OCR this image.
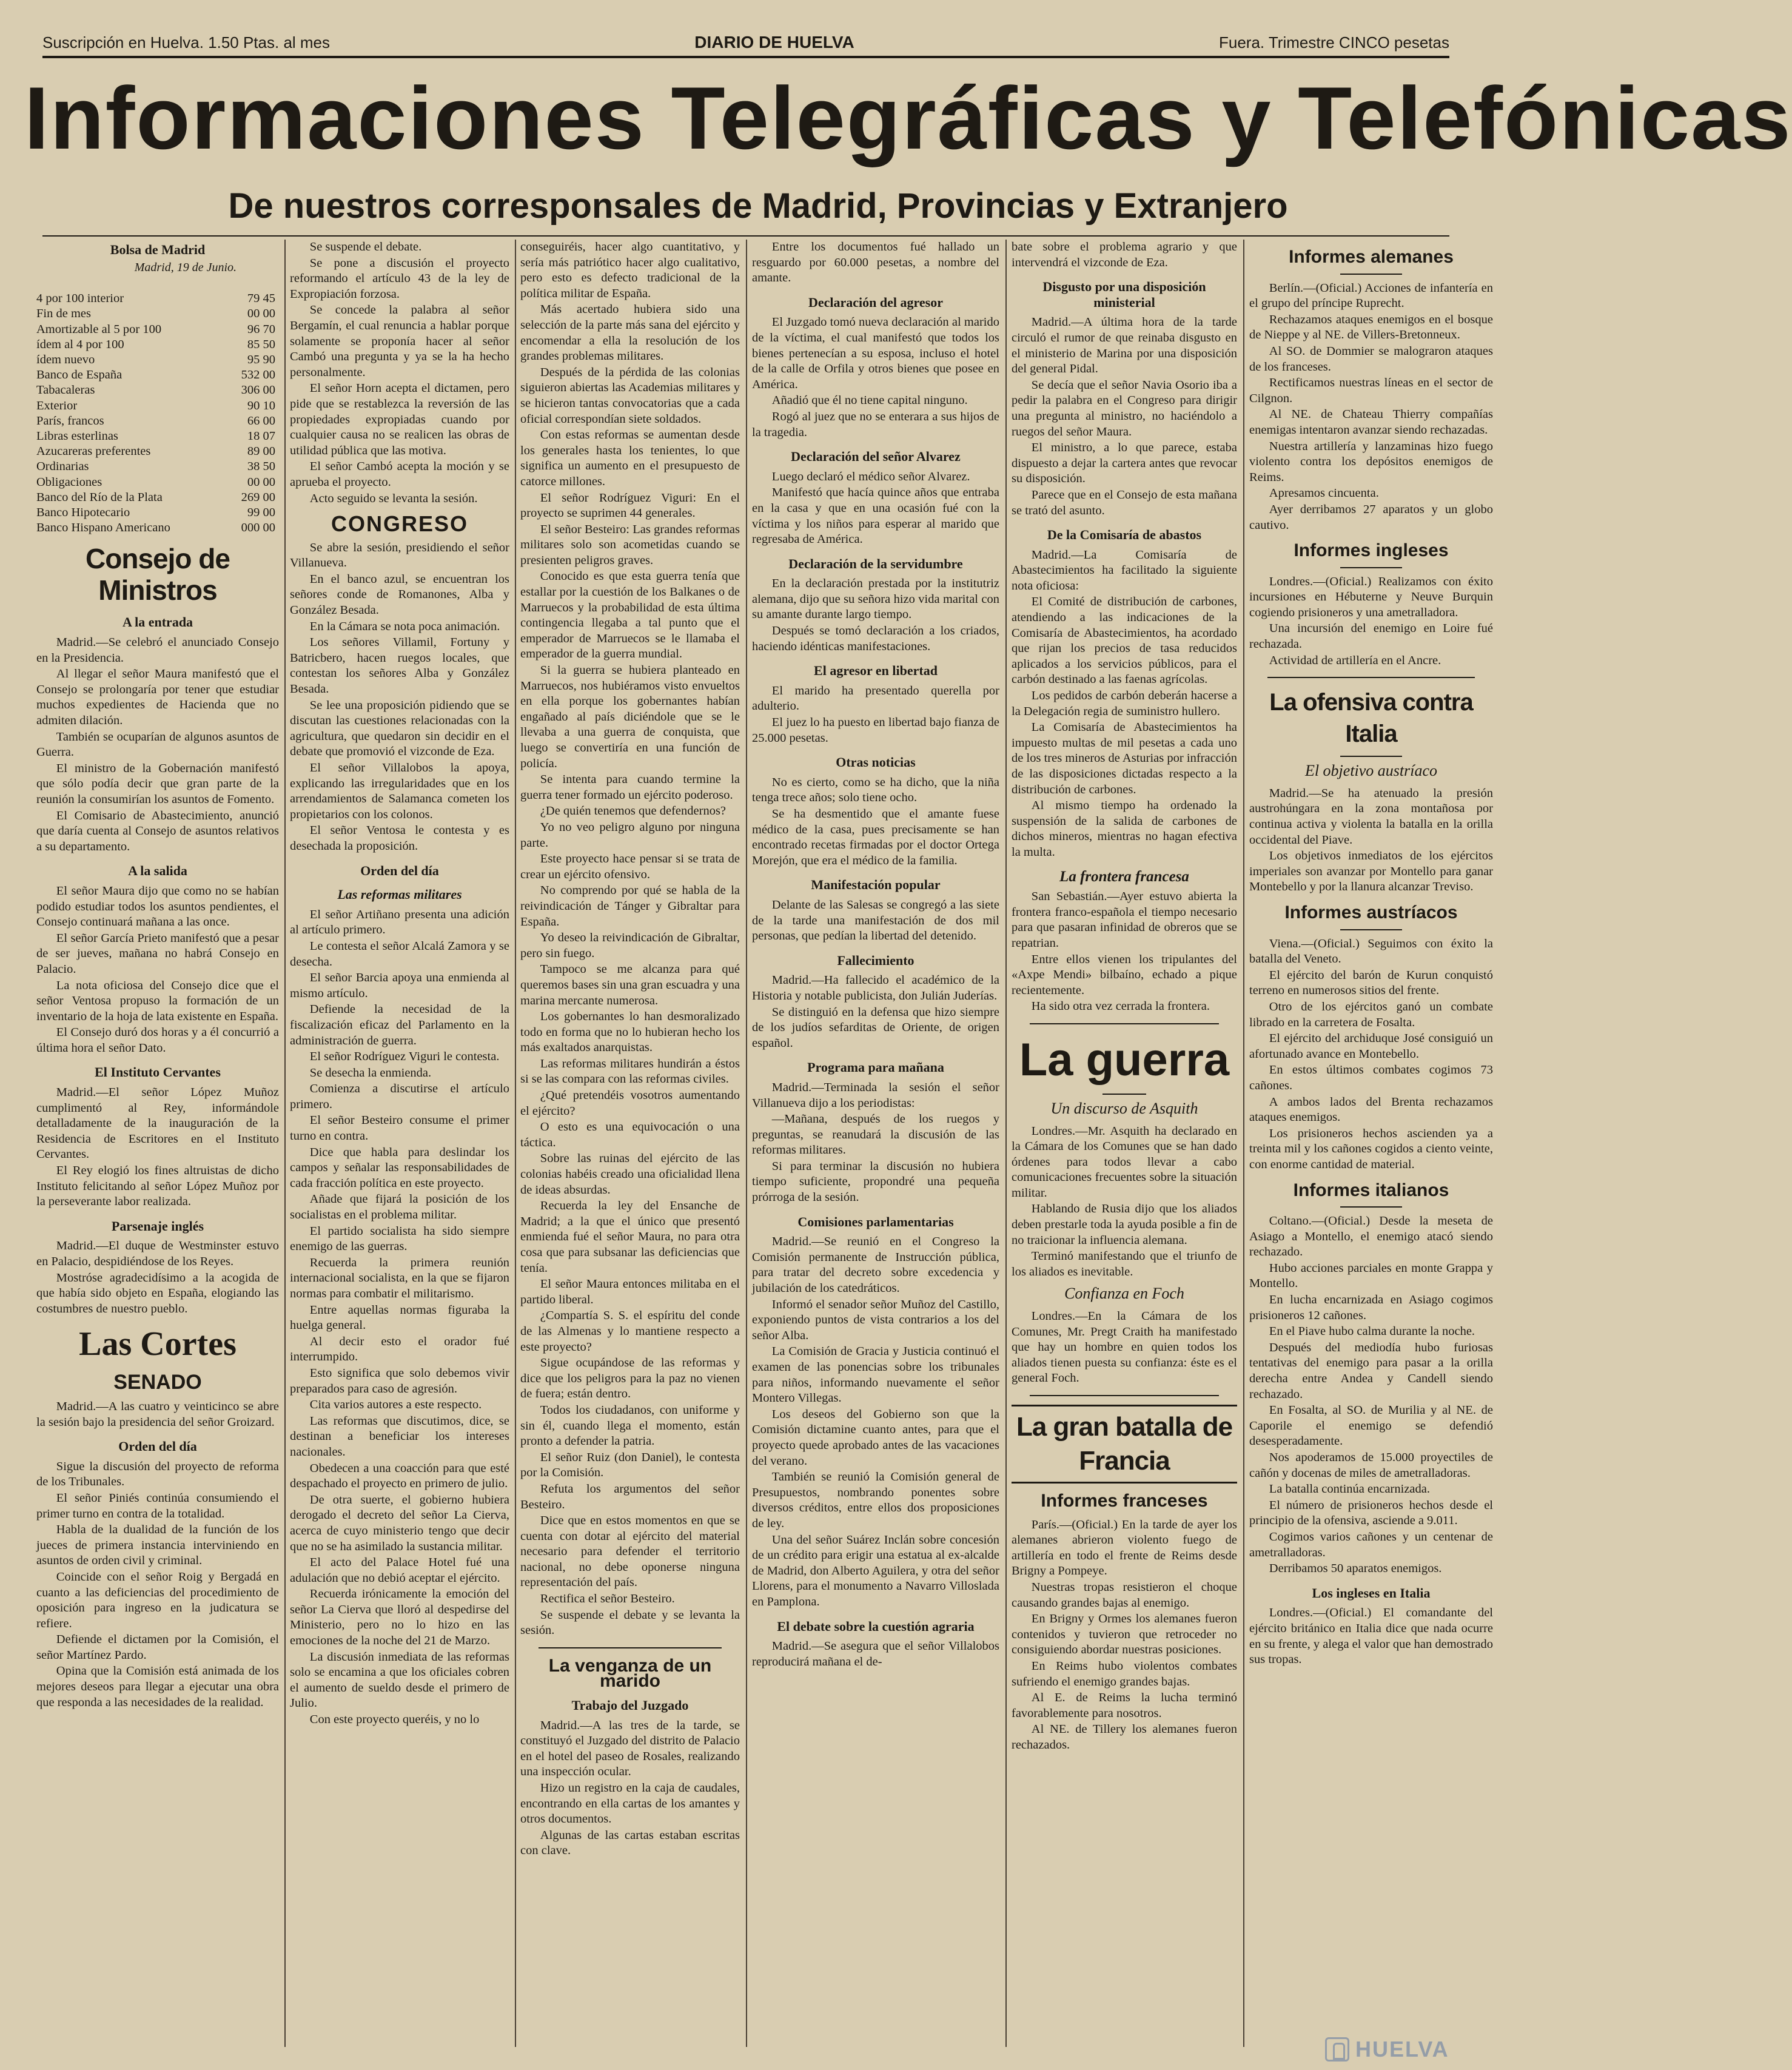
Suscripción en Huelva. 1.50 Ptas. al mes	DIARIO DE HUELVA	Fuera. Trimestre CINCO pesetas
Informaciones Telegráficas y Telefónicas
De nuestros corresponsales de Madrid, Provincias y Extranjero
Bolsa de Madrid
Madrid, 19 de Junio.
4 por 100 interior	79 45
Fin de mes	00 00
Amortizable al 5 por 100	96 70
ídem al 4 por 100	85 50
ídem nuevo	95 90
Banco de España	532 00
Tabacaleras	306 00
Exterior	90 10
París, francos	66 00
Libras esterlinas	18 07
Azucareras preferentes	89 00
Ordinarias	38 50
Obligaciones	00 00
Banco del Río de la Plata	269 00
Banco Hipotecario	99 00
Banco Hispano Americano	000 00
Consejo de Ministros
A la entrada

Madrid.—Se celebró el anunciado Consejo en la Presidencia.

Al llegar el señor Maura manifestó que el Consejo se prolongaría por tener que estudiar muchos expedientes de Hacienda que no admiten dilación.

También se ocuparían de algunos asuntos de Guerra.

El ministro de la Gobernación manifestó que sólo podía decir que gran parte de la reunión la consumirían los asuntos de Fomento.

El Comisario de Abastecimiento, anunció que daría cuenta al Consejo de asuntos relativos a su departamento.

A la salida

El señor Maura dijo que como no se habían podido estudiar todos los asuntos pendientes, el Consejo continuará mañana a las once.

El señor García Prieto manifestó que a pesar de ser jueves, mañana no habrá Consejo en Palacio.

La nota oficiosa del Consejo dice que el señor Ventosa propuso la formación de un inventario de la hoja de lata existente en España.

El Consejo duró dos horas y a él concurrió a última hora el señor Dato.

El Instituto Cervantes

Madrid.—El señor López Muñoz cumplimentó al Rey, informándole detalladamente de la inauguración de la Residencia de Escritores en el Instituto Cervantes.

El Rey elogió los fines altruistas de dicho Instituto felicitando al señor López Muñoz por la perseverante labor realizada.

Parsenaje inglés

Madrid.—El duque de Westminster estuvo en Palacio, despidiéndose de los Reyes.

Mostróse agradecidísimo a la acogida de que había sido objeto en España, elogiando las costumbres de nuestro pueblo.

Las Cortes
SENADO

Madrid.—A las cuatro y veinticinco se abre la sesión bajo la presidencia del señor Groizard.

Orden del día

Sigue la discusión del proyecto de reforma de los Tribunales.

El señor Piniés continúa consumiendo el primer turno en contra de la totalidad.

Habla de la dualidad de la función de los jueces de primera instancia interviniendo en asuntos de orden civil y criminal.

Coincide con el señor Roig y Bergadá en cuanto a las deficiencias del procedimiento de oposición para ingreso en la judicatura se refiere.

Defiende el dictamen por la Comisión, el señor Martínez Pardo.

Opina que la Comisión está animada de los mejores deseos para llegar a ejecutar una obra que responda a las necesidades de la realidad.

Se suspende el debate.

Se pone a discusión el proyecto reformando el artículo 43 de la ley de Expropiación forzosa.

Se concede la palabra al señor Bergamín, el cual renuncia a hablar porque solamente se proponía hacer al señor Cambó una pregunta y ya se la ha hecho personalmente.

El señor Horn acepta el dictamen, pero pide que se restablezca la reversión de las propiedades expropiadas cuando por cualquier causa no se realicen las obras de utilidad pública que las motiva.

El señor Cambó acepta la moción y se aprueba el proyecto.

Acto seguido se levanta la sesión.

CONGRESO

Se abre la sesión, presidiendo el señor Villanueva.

En el banco azul, se encuentran los señores conde de Romanones, Alba y González Besada.

En la Cámara se nota poca animación.

Los señores Villamil, Fortuny y Batricbero, hacen ruegos locales, que contestan los señores Alba y González Besada.

Se lee una proposición pidiendo que se discutan las cuestiones relacionadas con la agricultura, que quedaron sin decidir en el debate que promovió el vizconde de Eza.

El señor Villalobos la apoya, explicando las irregularidades que en los arrendamientos de Salamanca cometen los propietarios con los colonos.

El señor Ventosa le contesta y es desechada la proposición.

Orden del día
Las reformas militares

El señor Artiñano presenta una adición al artículo primero.

Le contesta el señor Alcalá Zamora y se desecha.

El señor Barcia apoya una enmienda al mismo artículo.

Defiende la necesidad de la fiscalización eficaz del Parlamento en la administración de guerra.

El señor Rodríguez Viguri le contesta.

Se desecha la enmienda.

Comienza a discutirse el artículo primero.

El señor Besteiro consume el primer turno en contra.

Dice que habla para deslindar los campos y señalar las responsabilidades de cada fracción política en este proyecto.

Añade que fijará la posición de los socialistas en el problema militar.

El partido socialista ha sido siempre enemigo de las guerras.

Recuerda la primera reunión internacional socialista, en la que se fijaron normas para combatir el militarismo.

Entre aquellas normas figuraba la huelga general.

Al decir esto el orador fué interrumpido.

Esto significa que solo debemos vivir preparados para caso de agresión.

Cita varios autores a este respecto.

Las reformas que discutimos, dice, se destinan a beneficiar los intereses nacionales.

Obedecen a una coacción para que esté despachado el proyecto en primero de julio.

De otra suerte, el gobierno hubiera derogado el decreto del señor La Cierva, acerca de cuyo ministerio tengo que decir que no se ha asimilado la sustancia militar.

El acto del Palace Hotel fué una adulación que no debió aceptar el ejército.

Recuerda irónicamente la emoción del señor La Cierva que lloró al despedirse del Ministerio, pero no lo hizo en las emociones de la noche del 21 de Marzo.

La discusión inmediata de las reformas solo se encamina a que los oficiales cobren el aumento de sueldo desde el primero de Julio.

Con este proyecto queréis, y no lo

conseguiréis, hacer algo cuantitativo, y sería más patriótico hacer algo cualitativo, pero esto es defecto tradicional de la política militar de España.

Más acertado hubiera sido una selección de la parte más sana del ejército y encomendar a ella la resolución de los grandes problemas militares.

Después de la pérdida de las colonias siguieron abiertas las Academias militares y se hicieron tantas convocatorias que a cada oficial correspondían siete soldados.

Con estas reformas se aumentan desde los generales hasta los tenientes, lo que significa un aumento en el presupuesto de catorce millones.

El señor Rodríguez Viguri: En el proyecto se suprimen 44 generales.

El señor Besteiro: Las grandes reformas militares solo son acometidas cuando se presienten peligros graves.

Conocido es que esta guerra tenía que estallar por la cuestión de los Balkanes o de Marruecos y la probabilidad de esta última contingencia llegaba a tal punto que el emperador de Marruecos se le llamaba el emperador de la guerra mundial.

Si la guerra se hubiera planteado en Marruecos, nos hubiéramos visto envueltos en ella porque los gobernantes habían engañado al país diciéndole que se le llevaba a una guerra de conquista, que luego se convertiría en una función de policía.

Se intenta para cuando termine la guerra tener formado un ejército poderoso.

¿De quién tenemos que defendernos?

Yo no veo peligro alguno por ninguna parte.

Este proyecto hace pensar si se trata de crear un ejército ofensivo.

No comprendo por qué se habla de la reivindicación de Tánger y Gibraltar para España.

Yo deseo la reivindicación de Gibraltar, pero sin fuego.

Tampoco se me alcanza para qué queremos bases sin una gran escuadra y una marina mercante numerosa.

Los gobernantes lo han desmoralizado todo en forma que no lo hubieran hecho los más exaltados anarquistas.

Las reformas militares hundirán a éstos si se las compara con las reformas civiles.

¿Qué pretendéis vosotros aumentando el ejército?

O esto es una equivocación o una táctica.

Sobre las ruinas del ejército de las colonias habéis creado una oficialidad llena de ideas absurdas.

Recuerda la ley del Ensanche de Madrid; a la que el único que presentó enmienda fué el señor Maura, no para otra cosa que para subsanar las deficiencias que tenía.

El señor Maura entonces militaba en el partido liberal.

¿Compartía S. S. el espíritu del conde de las Almenas y lo mantiene respecto a este proyecto?

Sigue ocupándose de las reformas y dice que los peligros para la paz no vienen de fuera; están dentro.

Todos los ciudadanos, con uniforme y sin él, cuando llega el momento, están pronto a defender la patria.

El señor Ruiz (don Daniel), le contesta por la Comisión.

Refuta los argumentos del señor Besteiro.

Dice que en estos momentos en que se cuenta con dotar al ejército del material necesario para defender el territorio nacional, no debe oponerse ninguna representación del país.

Rectifica el señor Besteiro.

Se suspende el debate y se levanta la sesión.

La venganza de un marido
Trabajo del Juzgado

Madrid.—A las tres de la tarde, se constituyó el Juzgado del distrito de Palacio en el hotel del paseo de Rosales, realizando una inspección ocular.

Hizo un registro en la caja de caudales, encontrando en ella cartas de los amantes y otros documentos.

Algunas de las cartas estaban escritas con clave.

Entre los documentos fué hallado un resguardo por 60.000 pesetas, a nombre del amante.

Declaración del agresor

El Juzgado tomó nueva declaración al marido de la víctima, el cual manifestó que todos los bienes pertenecían a su esposa, incluso el hotel de la calle de Orfila y otros bienes que posee en América.

Añadió que él no tiene capital ninguno.

Rogó al juez que no se enterara a sus hijos de la tragedia.

Declaración del señor Alvarez

Luego declaró el médico señor Alvarez.

Manifestó que hacía quince años que entraba en la casa y que en una ocasión fué con la víctima y los niños para esperar al marido que regresaba de América.

Declaración de la servidumbre

En la declaración prestada por la institutriz alemana, dijo que su señora hizo vida marital con su amante durante largo tiempo.

Después se tomó declaración a los criados, haciendo idénticas manifestaciones.

El agresor en libertad

El marido ha presentado querella por adulterio.

El juez lo ha puesto en libertad bajo fianza de 25.000 pesetas.

Otras noticias

No es cierto, como se ha dicho, que la niña tenga trece años; solo tiene ocho.

Se ha desmentido que el amante fuese médico de la casa, pues precisamente se han encontrado recetas firmadas por el doctor Ortega Morejón, que era el médico de la familia.

Manifestación popular

Delante de las Salesas se congregó a las siete de la tarde una manifestación de dos mil personas, que pedían la libertad del detenido.

Fallecimiento

Madrid.—Ha fallecido el académico de la Historia y notable publicista, don Julián Juderías.

Se distinguió en la defensa que hizo siempre de los judíos sefarditas de Oriente, de origen español.

Programa para mañana

Madrid.—Terminada la sesión el señor Villanueva dijo a los periodistas:

—Mañana, después de los ruegos y preguntas, se reanudará la discusión de las reformas militares.

Si para terminar la discusión no hubiera tiempo suficiente, propondré una pequeña prórroga de la sesión.

Comisiones parlamentarias

Madrid.—Se reunió en el Congreso la Comisión permanente de Instrucción pública, para tratar del decreto sobre excedencia y jubilación de los catedráticos.

Informó el senador señor Muñoz del Castillo, exponiendo puntos de vista contrarios a los del señor Alba.

La Comisión de Gracia y Justicia continuó el examen de las ponencias sobre los tribunales para niños, informando nuevamente el señor Montero Villegas.

Los deseos del Gobierno son que la Comisión dictamine cuanto antes, para que el proyecto quede aprobado antes de las vacaciones del verano.

También se reunió la Comisión general de Presupuestos, nombrando ponentes sobre diversos créditos, entre ellos dos proposiciones de ley.

Una del señor Suárez Inclán sobre concesión de un crédito para erigir una estatua al ex-alcalde de Madrid, don Alberto Aguilera, y otra del señor Llorens, para el monumento a Navarro Villoslada en Pamplona.

El debate sobre la cuestión agraria

Madrid.—Se asegura que el señor Villalobos reproducirá mañana el de-

bate sobre el problema agrario y que intervendrá el vizconde de Eza.

Disgusto por una disposición ministerial

Madrid.—A última hora de la tarde circuló el rumor de que reinaba disgusto en el ministerio de Marina por una disposición del general Pidal.

Se decía que el señor Navia Osorio iba a pedir la palabra en el Congreso para dirigir una pregunta al ministro, no haciéndolo a ruegos del señor Maura.

El ministro, a lo que parece, estaba dispuesto a dejar la cartera antes que revocar su disposición.

Parece que en el Consejo de esta mañana se trató del asunto.

De la Comisaría de abastos

Madrid.—La Comisaría de Abastecimientos ha facilitado la siguiente nota oficiosa:

El Comité de distribución de carbones, atendiendo a las indicaciones de la Comisaría de Abastecimientos, ha acordado que rijan los precios de tasa reducidos aplicados a los servicios públicos, para el carbón destinado a las faenas agrícolas.

Los pedidos de carbón deberán hacerse a la Delegación regia de suministro hullero.

La Comisaría de Abastecimientos ha impuesto multas de mil pesetas a cada uno de los tres mineros de Asturias por infracción de las disposiciones dictadas respecto a la distribución de carbones.

Al mismo tiempo ha ordenado la suspensión de la salida de carbones de dichos mineros, mientras no hagan efectiva la multa.

La frontera francesa

San Sebastián.—Ayer estuvo abierta la frontera franco-española el tiempo necesario para que pasaran infinidad de obreros que se repatrian.

Entre ellos vienen los tripulantes del «Axpe Mendi» bilbaíno, echado a pique recientemente.

Ha sido otra vez cerrada la frontera.

La guerra
Un discurso de Asquith

Londres.—Mr. Asquith ha declarado en la Cámara de los Comunes que se han dado órdenes para todos llevar a cabo comunicaciones frecuentes sobre la situación militar.

Hablando de Rusia dijo que los aliados deben prestarle toda la ayuda posible a fin de no traicionar la influencia alemana.

Terminó manifestando que el triunfo de los aliados es inevitable.

Confianza en Foch

Londres.—En la Cámara de los Comunes, Mr. Pregt Craith ha manifestado que hay un hombre en quien todos los aliados tienen puesta su confianza: éste es el general Foch.

La gran batalla de Francia
Informes franceses

París.—(Oficial.) En la tarde de ayer los alemanes abrieron violento fuego de artillería en todo el frente de Reims desde Brigny a Pompeye.

Nuestras tropas resistieron el choque causando grandes bajas al enemigo.

En Brigny y Ormes los alemanes fueron contenidos y tuvieron que retroceder no consiguiendo abordar nuestras posiciones.

En Reims hubo violentos combates sufriendo el enemigo grandes bajas.

Al E. de Reims la lucha terminó favorablemente para nosotros.

Al NE. de Tillery los alemanes fueron rechazados.

Informes alemanes

Berlín.—(Oficial.) Acciones de infantería en el grupo del príncipe Ruprecht.

Rechazamos ataques enemigos en el bosque de Nieppe y al NE. de Villers-Bretonneux.

Al SO. de Dommier se malograron ataques de los franceses.

Rectificamos nuestras líneas en el sector de Cilgnon.

Al NE. de Chateau Thierry compañías enemigas intentaron avanzar siendo rechazadas.

Nuestra artillería y lanzaminas hizo fuego violento contra los depósitos enemigos de Reims.

Apresamos cincuenta.

Ayer derribamos 27 aparatos y un globo cautivo.

Informes ingleses

Londres.—(Oficial.) Realizamos con éxito incursiones en Hébuterne y Neuve Burquin cogiendo prisioneros y una ametralladora.

Una incursión del enemigo en Loire fué rechazada.

Actividad de artillería en el Ancre.

La ofensiva contra Italia
El objetivo austríaco

Madrid.—Se ha atenuado la presión austrohúngara en la zona montañosa por continua activa y violenta la batalla en la orilla occidental del Piave.

Los objetivos inmediatos de los ejércitos imperiales son avanzar por Montello para ganar Montebello y por la llanura alcanzar Treviso.

Informes austríacos

Viena.—(Oficial.) Seguimos con éxito la batalla del Veneto.

El ejército del barón de Kurun conquistó terreno en numerosos sitios del frente.

Otro de los ejércitos ganó un combate librado en la carretera de Fosalta.

El ejército del archiduque José consiguió un afortunado avance en Montebello.

En estos últimos combates cogimos 73 cañones.

A ambos lados del Brenta rechazamos ataques enemigos.

Los prisioneros hechos ascienden ya a treinta mil y los cañones cogidos a ciento veinte, con enorme cantidad de material.

Informes italianos

Coltano.—(Oficial.) Desde la meseta de Asiago a Montello, el enemigo atacó siendo rechazado.

Hubo acciones parciales en monte Grappa y Montello.

En lucha encarnizada en Asiago cogimos prisioneros 12 cañones.

En el Piave hubo calma durante la noche.

Después del mediodía hubo furiosas tentativas del enemigo para pasar a la orilla derecha entre Andea y Candell siendo rechazado.

En Fosalta, al SO. de Murilia y al NE. de Caporile el enemigo se defendió desesperadamente.

Nos apoderamos de 15.000 proyectiles de cañón y docenas de miles de ametralladoras.

La batalla continúa encarnizada.

El número de prisioneros hechos desde el principio de la ofensiva, asciende a 9.011.

Cogimos varios cañones y un centenar de ametralladoras.

Derribamos 50 aparatos enemigos.

Los ingleses en Italia

Londres.—(Oficial.) El comandante del ejército británico en Italia dice que nada ocurre en su frente, y alega el valor que han demostrado sus tropas.

HUELVA
